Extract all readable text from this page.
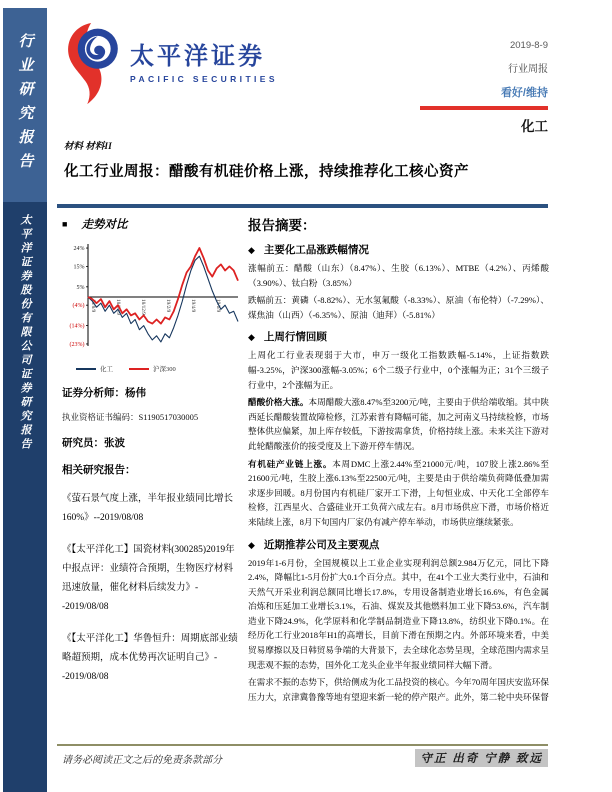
行业研究报告
太平洋证券股份有限公司证券研究报告
太平洋证券
PACIFIC SECURITIES
2019-8-9
行业周报
看好/维持
化工
材料 材料II
化工行业周报：醋酸有机硅价格上涨，持续推荐化工核心资产
■ 走势对比
24%
15%
5%
(4%)
(14%)
(23%)
18/8/9	18/10/9	18/12/9	19/2/9	19/4/9	19/6/9
化工	沪深300

证券分析师：杨伟

执业资格证书编码：S1190517030005

研究员：张波

相关研究报告：

《萤石景气度上涨，半年报业绩同比增长160%》--2019/08/08

《【太平洋化工】国瓷材料(300285)2019年中报点评：业绩符合预期，生物医疗材料迅速放量，催化材料后续发力》--2019/08/08

《【太平洋化工】华鲁恒升：周期底部业绩略超预期，成本优势再次证明自己》--2019/08/08

报告摘要：
◆ 主要化工品涨跌幅情况

涨幅前五：醋酸（山东）（8.47%）、生胶（6.13%）、MTBE（4.2%）、丙烯酸（3.90%）、钛白粉（3.85%）

跌幅前五：黄磷（-8.82%）、无水氢氟酸（-8.33%）、原油（布伦特）（-7.29%）、煤焦油（山西）（-6.35%）、原油（迪拜）（-5.81%）

◆ 上周行情回顾

上周化工行业表现弱于大市，申万一级化工指数跌幅-5.14%，上证指数跌幅-3.25%，沪深300涨幅-3.05%；6个二级子行业中，0个涨幅为正；31个三级子行业中，2个涨幅为正。

醋酸价格大涨。本周醋酸大涨8.47%至3200元/吨，主要由于供给端收缩。其中陕西延长醋酸装置故障检修，江苏索普有降幅可能，加之河南义马持续检修，市场整体供应偏紧，加上库存较低，下游按需拿货，价格持续上涨。未来关注下游对此轮醋酸涨价的接受度及上下游开停车情况。

有机硅产业链上涨。本周DMC上涨2.44%至21000元/吨，107胶上涨2.86%至21600元/吨，生胶上涨6.13%至22500元/吨，主要是由于供给端负荷降低叠加需求逐步回暖。8月份国内有机硅厂家开工下滑，上旬恒业成、中天化工全部停车检修，江西星火、合盛硅业开工负荷六成左右。8月市场供应下滑，市场价格近来陆续上涨，8月下旬国内厂家仍有减产停车举动，市场供应继续紧张。

◆ 近期推荐公司及主要观点

2019年1-6月份，全国规模以上工业企业实现利润总额2.984万亿元，同比下降2.4%，降幅比1-5月份扩大0.1个百分点。其中，在41个工业大类行业中，石油和天然气开采业利润总额同比增长17.8%，专用设备制造业增长16.6%，有色金属冶炼和压延加工业增长3.1%，石油、煤炭及其他燃料加工业下降53.6%，汽车制造业下降24.9%，化学原料和化学制品制造业下降13.8%，纺织业下降0.1%。在经历化工行业2018年H1的高增长，目前下滑在预期之内。外部环境来看，中美贸易摩擦以及日韩贸易争端的大背景下，去全球化态势呈现，全球范围内需求呈现悲观不振的态势，国外化工龙头企业半年报业绩同样大幅下滑。

在需求不振的态势下，供给侧成为化工品投资的核心。今年70周年国庆安监环保压力大，京津冀鲁豫等地有望迎来新一轮的停产限产。此外，第二轮中央环保督

请务必阅读正文之后的免责条款部分	守正 出奇 宁静 致远
